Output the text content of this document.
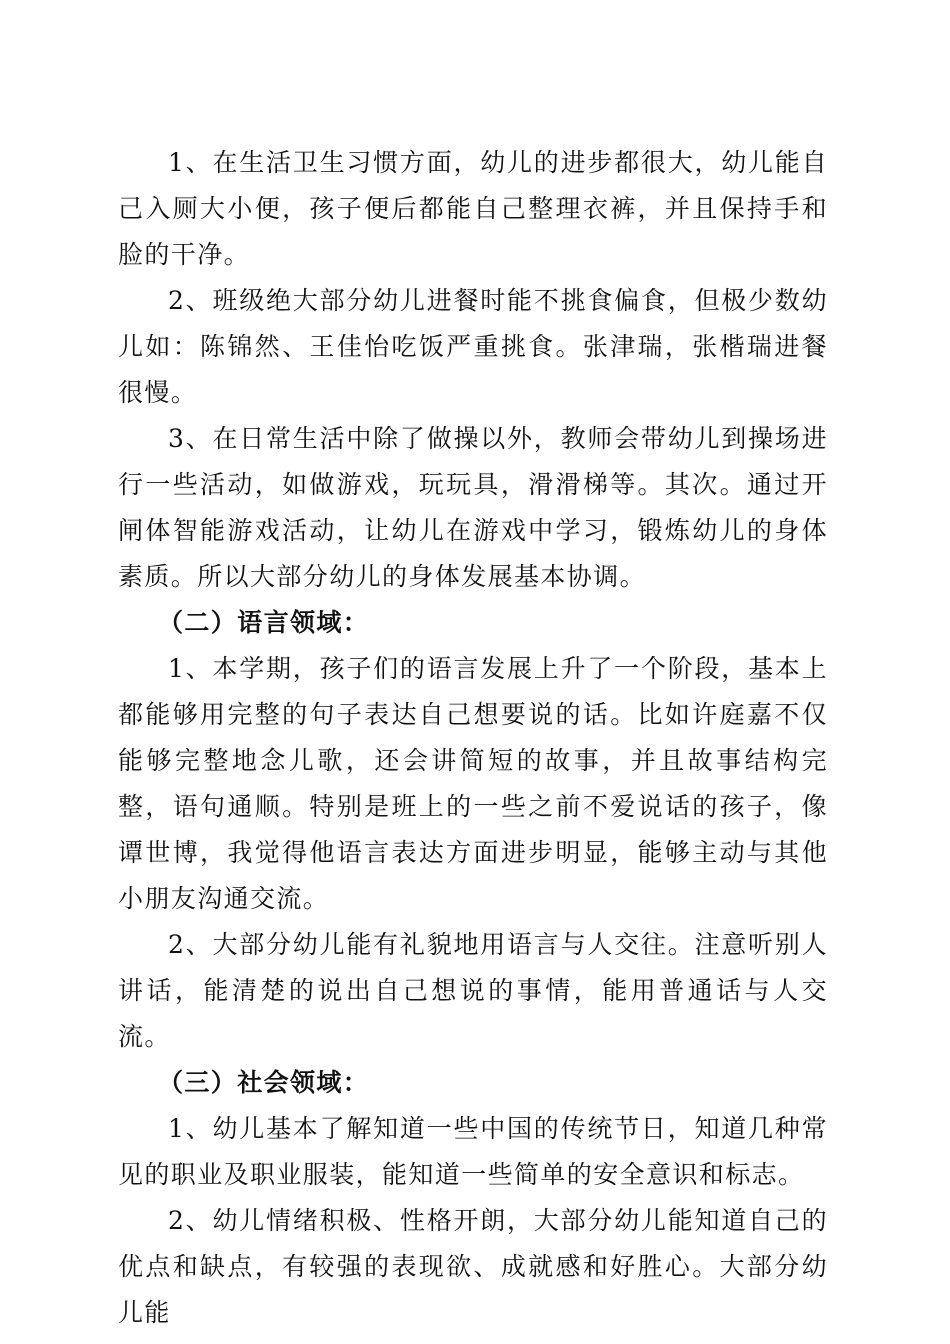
1、在生活卫生习惯方面，幼儿的进步都很大，幼儿能自己入厕大小便，孩子便后都能自己整理衣裤，并且保持手和脸的干净。

2、班级绝大部分幼儿进餐时能不挑食偏食，但极少数幼儿如：陈锦然、王佳怡吃饭严重挑食。张津瑞，张楷瑞进餐很慢。

3、在日常生活中除了做操以外，教师会带幼儿到操场进行一些活动，如做游戏，玩玩具，滑滑梯等。其次。通过开闸体智能游戏活动，让幼儿在游戏中学习，锻炼幼儿的身体素质。所以大部分幼儿的身体发展基本协调。

（二）语言领域：

1、本学期，孩子们的语言发展上升了一个阶段，基本上都能够用完整的句子表达自己想要说的话。比如许庭嘉不仅能够完整地念儿歌，还会讲简短的故事，并且故事结构完整，语句通顺。特别是班上的一些之前不爱说话的孩子，像谭世博，我觉得他语言表达方面进步明显，能够主动与其他小朋友沟通交流。

2、大部分幼儿能有礼貌地用语言与人交往。注意听别人讲话，能清楚的说出自己想说的事情，能用普通话与人交流。

（三）社会领域：

1、幼儿基本了解知道一些中国的传统节日，知道几种常见的职业及职业服装，能知道一些简单的安全意识和标志。

2、幼儿情绪积极、性格开朗，大部分幼儿能知道自己的优点和缺点，有较强的表现欲、成就感和好胜心。大部分幼儿能
